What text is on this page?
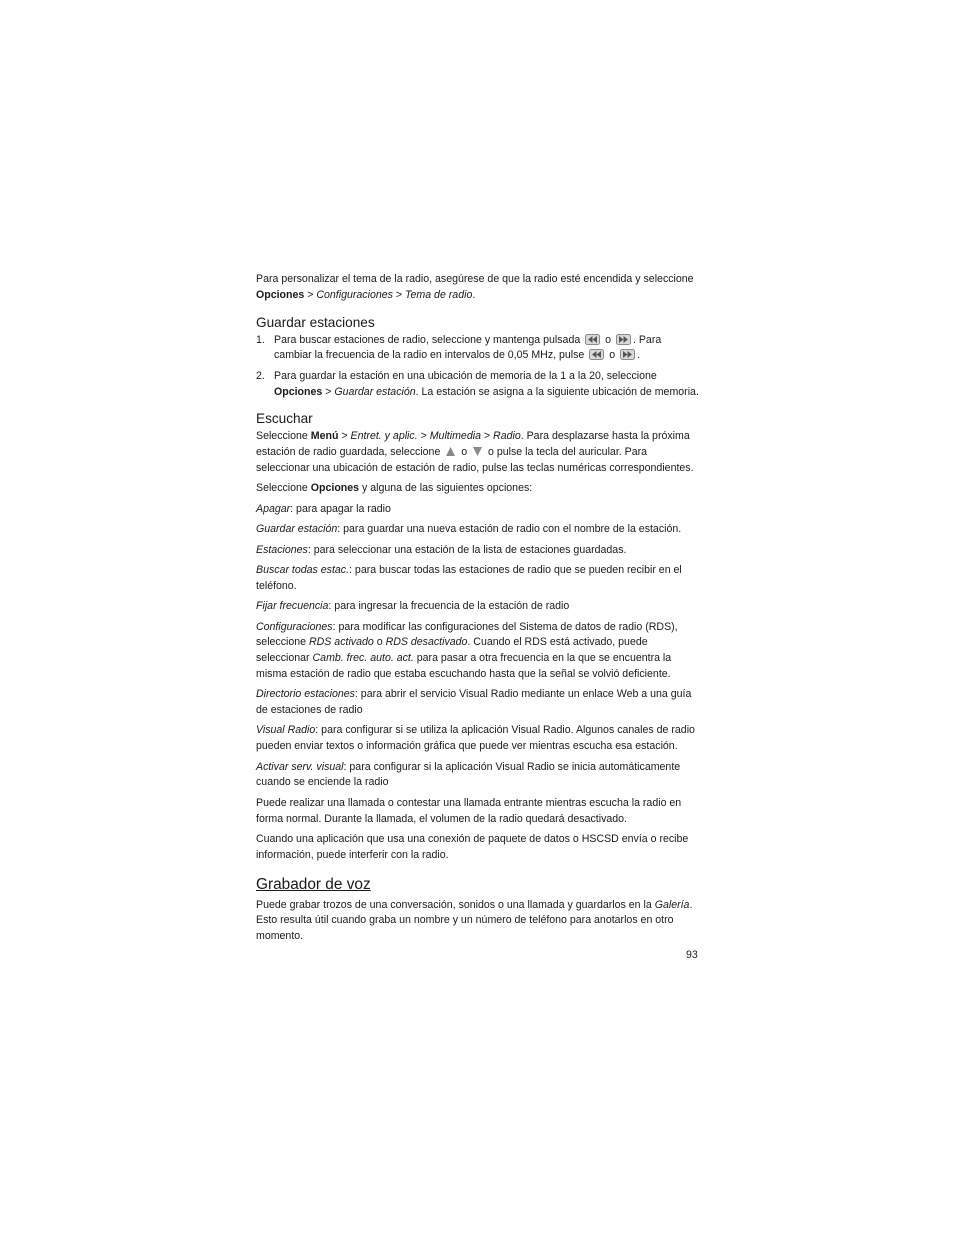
Para personalizar el tema de la radio, asegúrese de que la radio esté encendida y seleccione Opciones > Configuraciones > Tema de radio.

Guardar estaciones
1. Para buscar estaciones de radio, seleccione y mantenga pulsada
o
. Para cambiar la frecuencia de la radio en intervalos de 0,05 MHz, pulse
o
.
2. Para guardar la estación en una ubicación de memoria de la 1 a la 20, seleccione Opciones > Guardar estación. La estación se asigna a la siguiente ubicación de memoria.
Escuchar

Seleccione Menú > Entret. y aplic. > Multimedia > Radio. Para desplazarse hasta la próxima estación de radio guardada, seleccione
o
o pulse la tecla del auricular. Para seleccionar una ubicación de estación de radio, pulse las teclas numéricas correspondientes.

Seleccione Opciones y alguna de las siguientes opciones:

Apagar: para apagar la radio

Guardar estación: para guardar una nueva estación de radio con el nombre de la estación.

Estaciones: para seleccionar una estación de la lista de estaciones guardadas.

Buscar todas estac.: para buscar todas las estaciones de radio que se pueden recibir en el teléfono.

Fijar frecuencia: para ingresar la frecuencia de la estación de radio

Configuraciones: para modificar las configuraciones del Sistema de datos de radio (RDS), seleccione RDS activado o RDS desactivado. Cuando el RDS está activado, puede seleccionar Camb. frec. auto. act. para pasar a otra frecuencia en la que se encuentra la misma estación de radio que estaba escuchando hasta que la señal se volvió deficiente.

Directorio estaciones: para abrir el servicio Visual Radio mediante un enlace Web a una guía de estaciones de radio

Visual Radio: para configurar si se utiliza la aplicación Visual Radio. Algunos canales de radio pueden enviar textos o información gráfica que puede ver mientras escucha esa estación.

Activar serv. visual: para configurar si la aplicación Visual Radio se inicia automáticamente cuando se enciende la radio

Puede realizar una llamada o contestar una llamada entrante mientras escucha la radio en forma normal. Durante la llamada, el volumen de la radio quedará desactivado.

Cuando una aplicación que usa una conexión de paquete de datos o HSCSD envía o recibe información, puede interferir con la radio.

Grabador de voz

Puede grabar trozos de una conversación, sonidos o una llamada y guardarlos en la Galería. Esto resulta útil cuando graba un nombre y un número de teléfono para anotarlos en otro momento.

93
